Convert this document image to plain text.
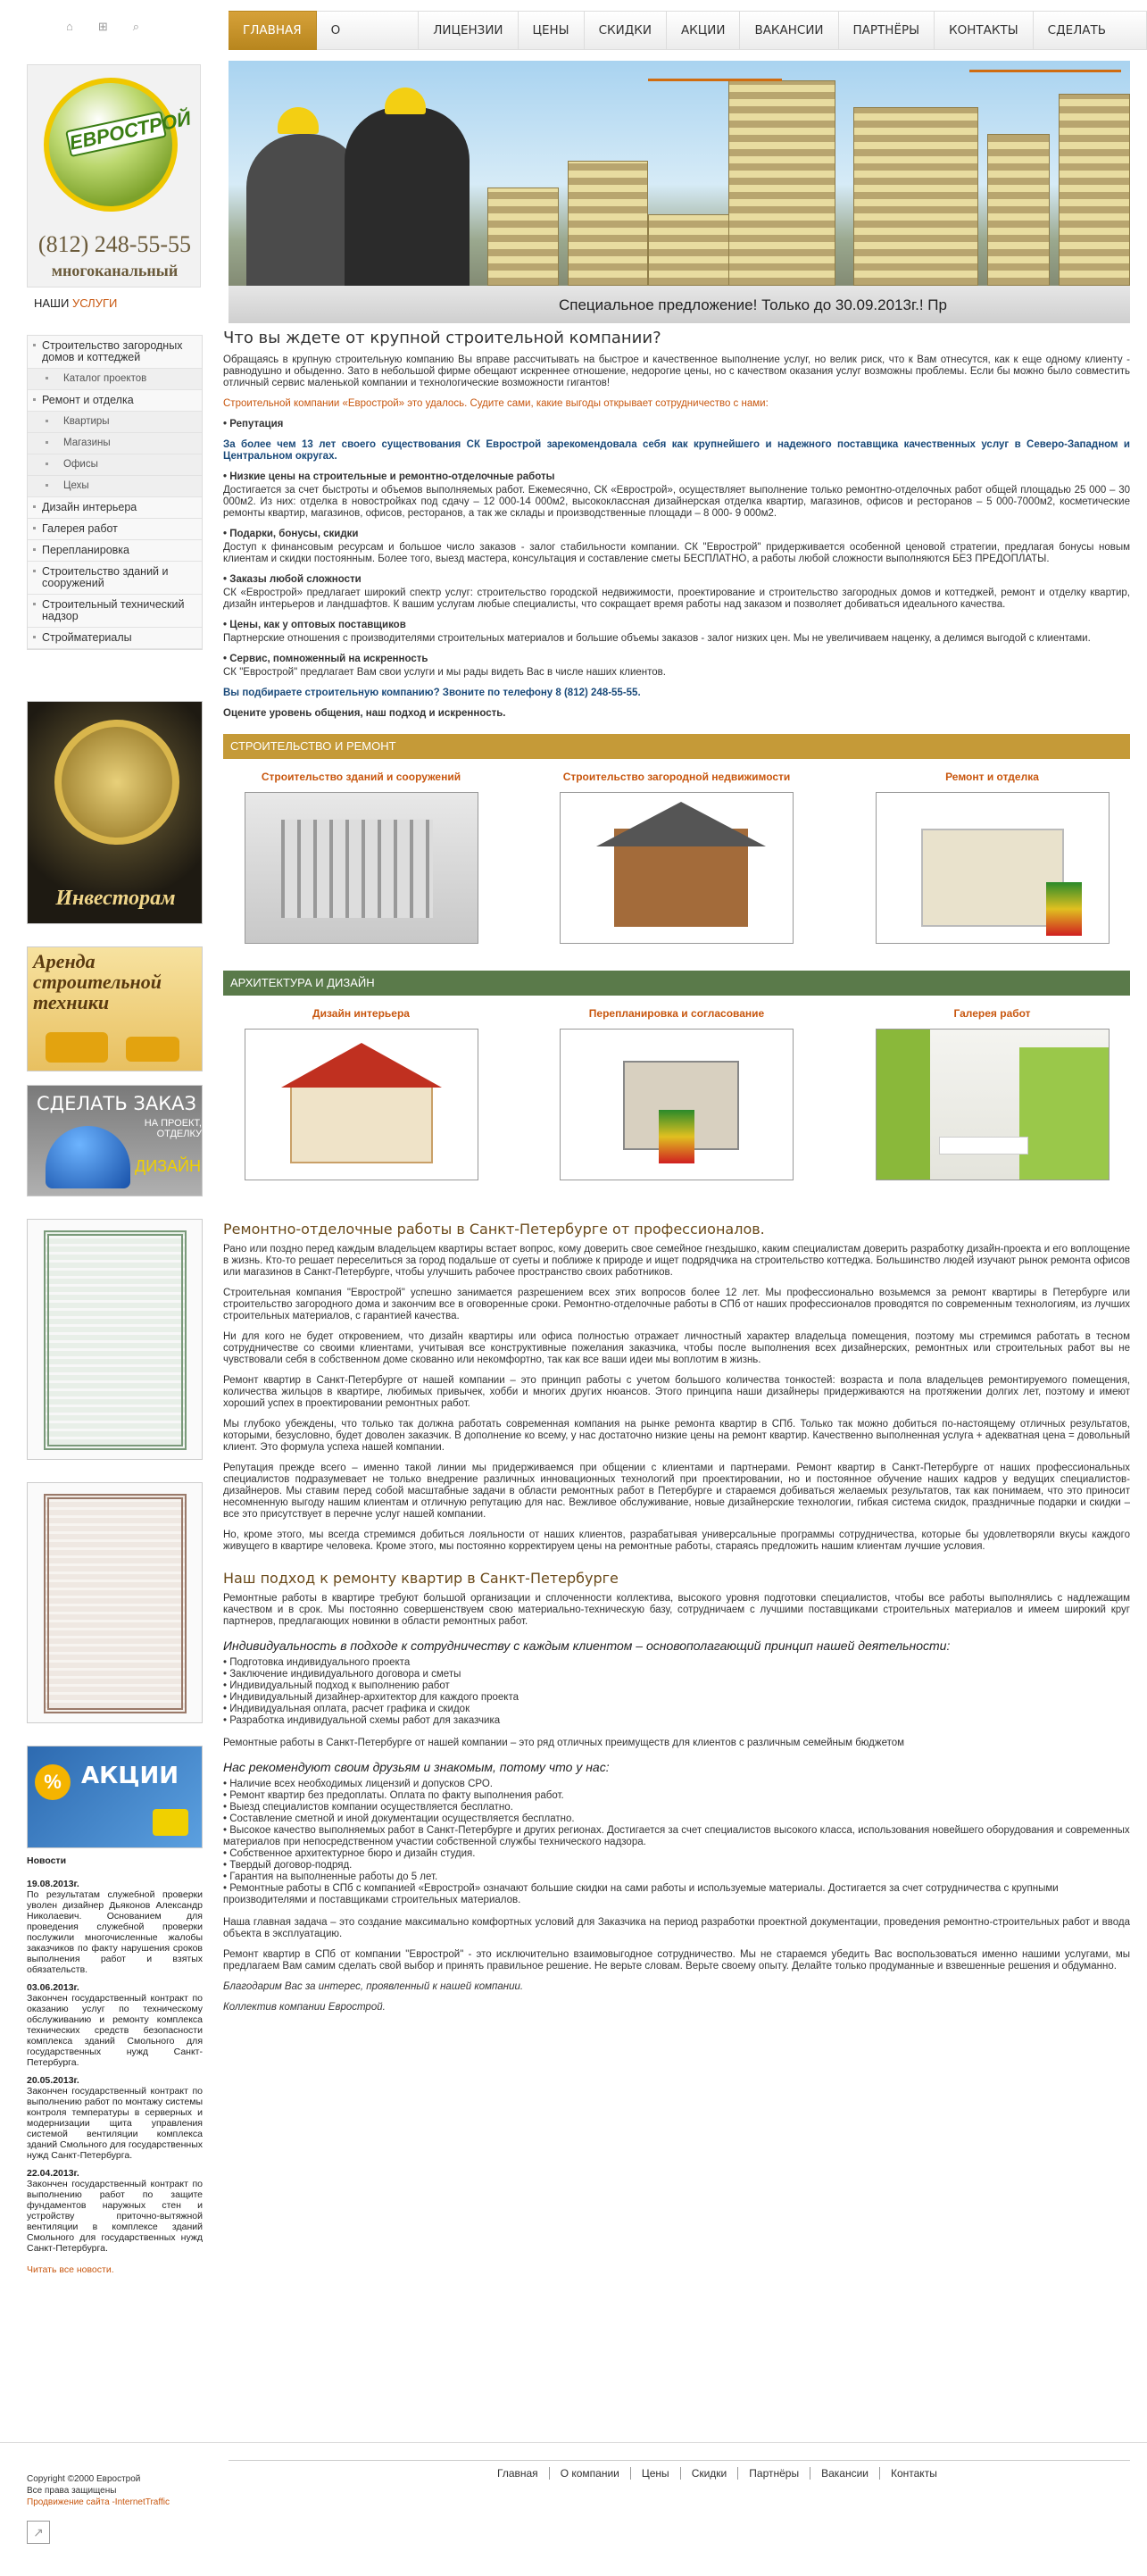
⌂ ⊞ ⌕	ГЛАВНАЯ	О	ЛИЦЕНЗИИ	ЦЕНЫ	СКИДКИ	АКЦИИ	ВАКАНСИИ	ПАРТНЁРЫ	КОНТАКТЫ	СДЕЛАТЬ
ЕВРОСТРОЙ
(812) 248-55-55
многоканальный
Специальное предложение! Только до 30.09.2013г.! Пр
НАШИ УСЛУГИ
Строительство загородных домов и коттеджей
Каталог проектов
Ремонт и отделка
Квартиры
Магазины
Офисы
Цехы
Дизайн интерьера
Галерея работ
Перепланировка
Строительство зданий и сооружений
Строительный технический надзор
Стройматериалы
Инвесторам
Аренда строительной техники
СДЕЛАТЬ ЗАКАЗ
НА ПРОЕКТ, ОТДЕЛКУ
ДИЗАЙН
% АКЦИИ
Новости
19.08.2013г.
По результатам служебной проверки уволен дизайнер Дьяконов Александр Николаевич. Основанием для проведения служебной проверки послужили многочисленные жалобы заказчиков по факту нарушения сроков выполнения работ и взятых обязательств.
03.06.2013г.
Закончен государственный контракт по оказанию услуг по техническому обслуживанию и ремонту комплекса технических средств безопасности комплекса зданий Смольного для государственных нужд Санкт-Петербурга.
20.05.2013г.
Закончен государственный контракт по выполнению работ по монтажу системы контроля температуры в серверных и модернизации щита управления системой вентиляции комплекса зданий Смольного для государственных нужд Санкт-Петербурга.
22.04.2013г.
Закончен государственный контракт по выполнению работ по защите фундаментов наружных стен и устройству приточно-вытяжной вентиляции в комплексе зданий Смольного для государственных нужд Санкт-Петербурга.
Читать все новости.
Что вы ждете от крупной строительной компании?

Обращаясь в крупную строительную компанию Вы вправе рассчитывать на быстрое и качественное выполнение услуг, но велик риск, что к Вам отнесутся, как к еще одному клиенту - равнодушно и обыденно. Зато в небольшой фирме обещают искреннее отношение, недорогие цены, но с качеством оказания услуг возможны проблемы. Если бы можно было совместить отличный сервис маленькой компании и технологические возможности гигантов!

Строительной компании «Еврострой» это удалось. Судите сами, какие выгоды открывает сотрудничество с нами:

• Репутация

За более чем 13 лет своего существования СК Еврострой зарекомендовала себя как крупнейшего и надежного поставщика качественных услуг в Северо-Западном и Центральном округах.

• Низкие цены на строительные и ремонтно-отделочные работы

Достигается за счет быстроты и объемов выполняемых работ. Ежемесячно, СК «Еврострой», осуществляет выполнение только ремонтно-отделочных работ общей площадью 25 000 – 30 000м2. Из них: отделка в новостройках под сдачу – 12 000-14 000м2, высококлассная дизайнерская отделка квартир, магазинов, офисов и ресторанов – 5 000-7000м2, косметические ремонты квартир, магазинов, офисов, ресторанов, а так же склады и производственные площади – 8 000- 9 000м2.

• Подарки, бонусы, скидки

Доступ к финансовым ресурсам и большое число заказов - залог стабильности компании. СК "Еврострой" придерживается особенной ценовой стратегии, предлагая бонусы новым клиентам и скидки постоянным. Более того, выезд мастера, консультация и составление сметы БЕСПЛАТНО, а работы любой сложности выполняются БЕЗ ПРЕДОПЛАТЫ.

• Заказы любой сложности

СК «Еврострой» предлагает широкий спектр услуг: строительство городской недвижимости, проектирование и строительство загородных домов и коттеджей, ремонт и отделку квартир, дизайн интерьеров и ландшафтов. К вашим услугам любые специалисты, что сокращает время работы над заказом и позволяет добиваться идеального качества.

• Цены, как у оптовых поставщиков

Партнерские отношения с производителями строительных материалов и большие объемы заказов - залог низких цен. Мы не увеличиваем наценку, а делимся выгодой с клиентами.

• Сервис, помноженный на искренность

СК "Еврострой" предлагает Вам свои услуги и мы рады видеть Вас в числе наших клиентов.

Вы подбираете строительную компанию? Звоните по телефону 8 (812) 248-55-55.

Оцените уровень общения, наш подход и искренность.

СТРОИТЕЛЬСТВО И РЕМОНТ
Строительство зданий и сооружений	Строительство загородной недвижимости	Ремонт и отделка
АРХИТЕКТУРА И ДИЗАЙН
Дизайн интерьера	Перепланировка и согласование	Галерея работ
Ремонтно-отделочные работы в Санкт-Петербурге от профессионалов.

Рано или поздно перед каждым владельцем квартиры встает вопрос, кому доверить свое семейное гнездышко, каким специалистам доверить разработку дизайн-проекта и его воплощение в жизнь. Кто-то решает переселиться за город подальше от суеты и поближе к природе и ищет подрядчика на строительство коттеджа. Большинство людей изучают рынок ремонта офисов или магазинов в Санкт-Петербурге, чтобы улучшить рабочее пространство своих работников.

Строительная компания "Еврострой" успешно занимается разрешением всех этих вопросов более 12 лет. Мы профессионально возьмемся за ремонт квартиры в Петербурге или строительство загородного дома и закончим все в оговоренные сроки. Ремонтно-отделочные работы в СПб от наших профессионалов проводятся по современным технологиям, из лучших строительных материалов, с гарантией качества.

Ни для кого не будет откровением, что дизайн квартиры или офиса полностью отражает личностный характер владельца помещения, поэтому мы стремимся работать в тесном сотрудничестве со своими клиентами, учитывая все конструктивные пожелания заказчика, чтобы после выполнения всех дизайнерских, ремонтных или строительных работ вы не чувствовали себя в собственном доме скованно или некомфортно, так как все ваши идеи мы воплотим в жизнь.

Ремонт квартир в Санкт-Петербурге от нашей компании – это принцип работы с учетом большого количества тонкостей: возраста и пола владельцев ремонтируемого помещения, количества жильцов в квартире, любимых привычек, хобби и многих других нюансов. Этого принципа наши дизайнеры придерживаются на протяжении долгих лет, поэтому и имеют хороший успех в проектировании ремонтных работ.

Мы глубоко убеждены, что только так должна работать современная компания на рынке ремонта квартир в СПб. Только так можно добиться по-настоящему отличных результатов, которыми, безусловно, будет доволен заказчик. В дополнение ко всему, у нас достаточно низкие цены на ремонт квартир. Качественно выполненная услуга + адекватная цена = довольный клиент. Это формула успеха нашей компании.

Репутация прежде всего – именно такой линии мы придерживаемся при общении с клиентами и партнерами. Ремонт квартир в Санкт-Петербурге от наших профессиональных специалистов подразумевает не только внедрение различных инновационных технологий при проектировании, но и постоянное обучение наших кадров у ведущих специалистов-дизайнеров. Мы ставим перед собой масштабные задачи в области ремонтных работ в Петербурге и стараемся добиваться желаемых результатов, так как понимаем, что это приносит несомненную выгоду нашим клиентам и отличную репутацию для нас. Вежливое обслуживание, новые дизайнерские технологии, гибкая система скидок, праздничные подарки и скидки – все это присутствует в перечне услуг нашей компании.

Но, кроме этого, мы всегда стремимся добиться лояльности от наших клиентов, разрабатывая универсальные программы сотрудничества, которые бы удовлетворяли вкусы каждого живущего в квартире человека. Кроме этого, мы постоянно корректируем цены на ремонтные работы, стараясь предложить нашим клиентам лучшие условия.

Наш подход к ремонту квартир в Санкт-Петербурге

Ремонтные работы в квартире требуют большой организации и сплоченности коллектива, высокого уровня подготовки специалистов, чтобы все работы выполнялись с надлежащим качеством и в срок. Мы постоянно совершенствуем свою материально-техническую базу, сотрудничаем с лучшими поставщиками строительных материалов и имеем широкий круг партнеров, предлагающих новинки в области ремонтных работ.

Индивидуальность в подходе к сотрудничеству с каждым клиентом – основополагающий принцип нашей деятельности:
• Подготовка индивидуального проекта
• Заключение индивидуального договора и сметы
• Индивидуальный подход к выполнению работ
• Индивидуальный дизайнер-архитектор для каждого проекта
• Индивидуальная оплата, расчет графика и скидок
• Разработка индивидуальной схемы работ для заказчика

Ремонтные работы в Санкт-Петербурге от нашей компании – это ряд отличных преимуществ для клиентов с различным семейным бюджетом

Нас рекомендуют своим друзьям и знакомым, потому что у нас:
• Наличие всех необходимых лицензий и допусков СРО.
• Ремонт квартир без предоплаты. Оплата по факту выполнения работ.
• Выезд специалистов компании осуществляется бесплатно.
• Составление сметной и иной документации осуществляется бесплатно.
• Высокое качество выполняемых работ в Санкт-Петербурге и других регионах. Достигается за счет специалистов высокого класса, использования новейшего оборудования и современных материалов при непосредственном участии собственной службы технического надзора.
• Собственное архитектурное бюро и дизайн студия.
• Твердый договор-подряд.
• Гарантия на выполненные работы до 5 лет.
• Ремонтные работы в СПб с компанией «Еврострой» означают большие скидки на сами работы и используемые материалы. Достигается за счет сотрудничества с крупными производителями и поставщиками строительных материалов.

Наша главная задача – это создание максимально комфортных условий для Заказчика на период разработки проектной документации, проведения ремонтно-строительных работ и ввода объекта в эксплуатацию.

Ремонт квартир в СПб от компании "Еврострой" - это исключительно взаимовыгодное сотрудничество. Мы не стараемся убедить Вас воспользоваться именно нашими услугами, мы предлагаем Вам самим сделать свой выбор и принять правильное решение. Не верьте словам. Верьте своему опыту. Делайте только продуманные и взвешенные решения и обдуманно.

Благодарим Вас за интерес, проявленный к нашей компании.

Коллектив компании Еврострой.

Copyright ©2000 Еврострой
Все права защищены
Продвижение сайта -InternetTraffic
↗
Главная	О компании	Цены	Скидки	Партнёры	Вакансии	Контакты
